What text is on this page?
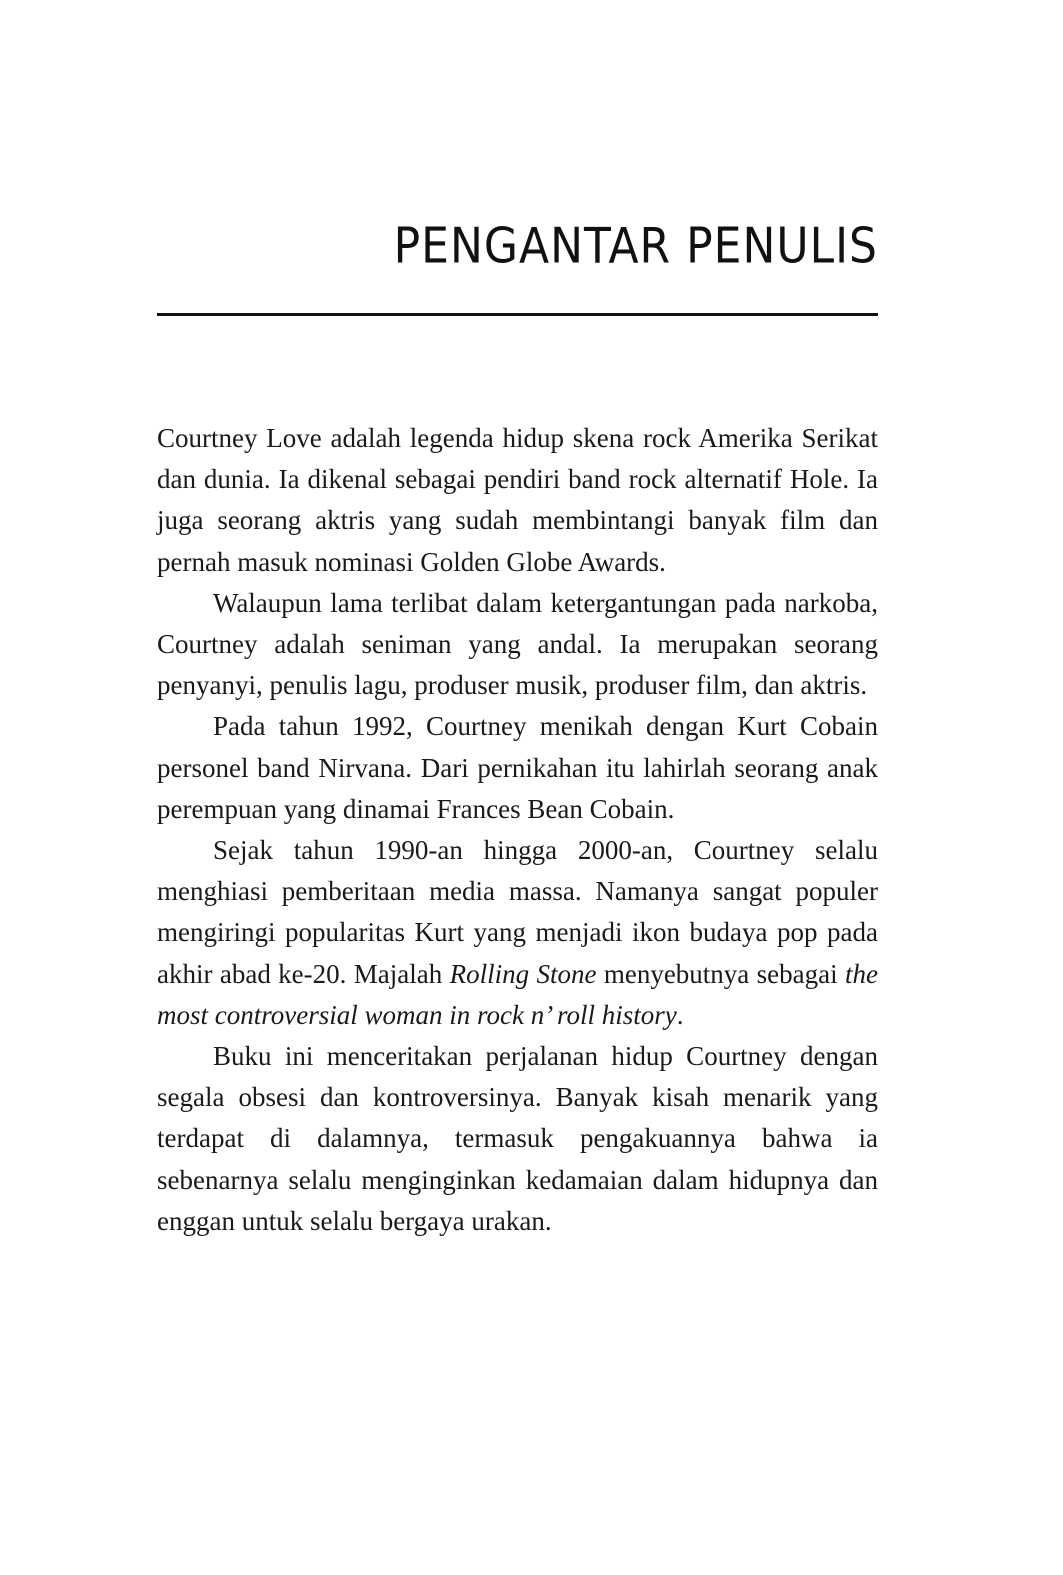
PENGANTAR PENULIS

Courtney Love adalah legenda hidup skena rock Amerika Serikat dan dunia. Ia dikenal sebagai pendiri band rock alternatif Hole. Ia juga seorang aktris yang sudah membintangi banyak film dan pernah masuk nominasi Golden Globe Awards.

Walaupun lama terlibat dalam ketergantungan pada narkoba, Courtney adalah seniman yang andal. Ia merupakan seorang penyanyi, penulis lagu, produser musik, produser film, dan aktris.

Pada tahun 1992, Courtney menikah dengan Kurt Cobain personel band Nirvana. Dari pernikahan itu lahirlah seorang anak perempuan yang dinamai Frances Bean Cobain.

Sejak tahun 1990-an hingga 2000-an, Courtney selalu menghiasi pemberitaan media massa. Namanya sangat populer mengiringi popularitas Kurt yang menjadi ikon budaya pop pada akhir abad ke-20. Majalah Rolling Stone menyebutnya sebagai the most controversial woman in rock n’ roll history.

Buku ini menceritakan perjalanan hidup Courtney dengan segala obsesi dan kontroversinya. Banyak kisah menarik yang terdapat di dalamnya, termasuk pengakuannya bahwa ia sebenarnya selalu menginginkan kedamaian dalam hidupnya dan enggan untuk selalu bergaya urakan.
